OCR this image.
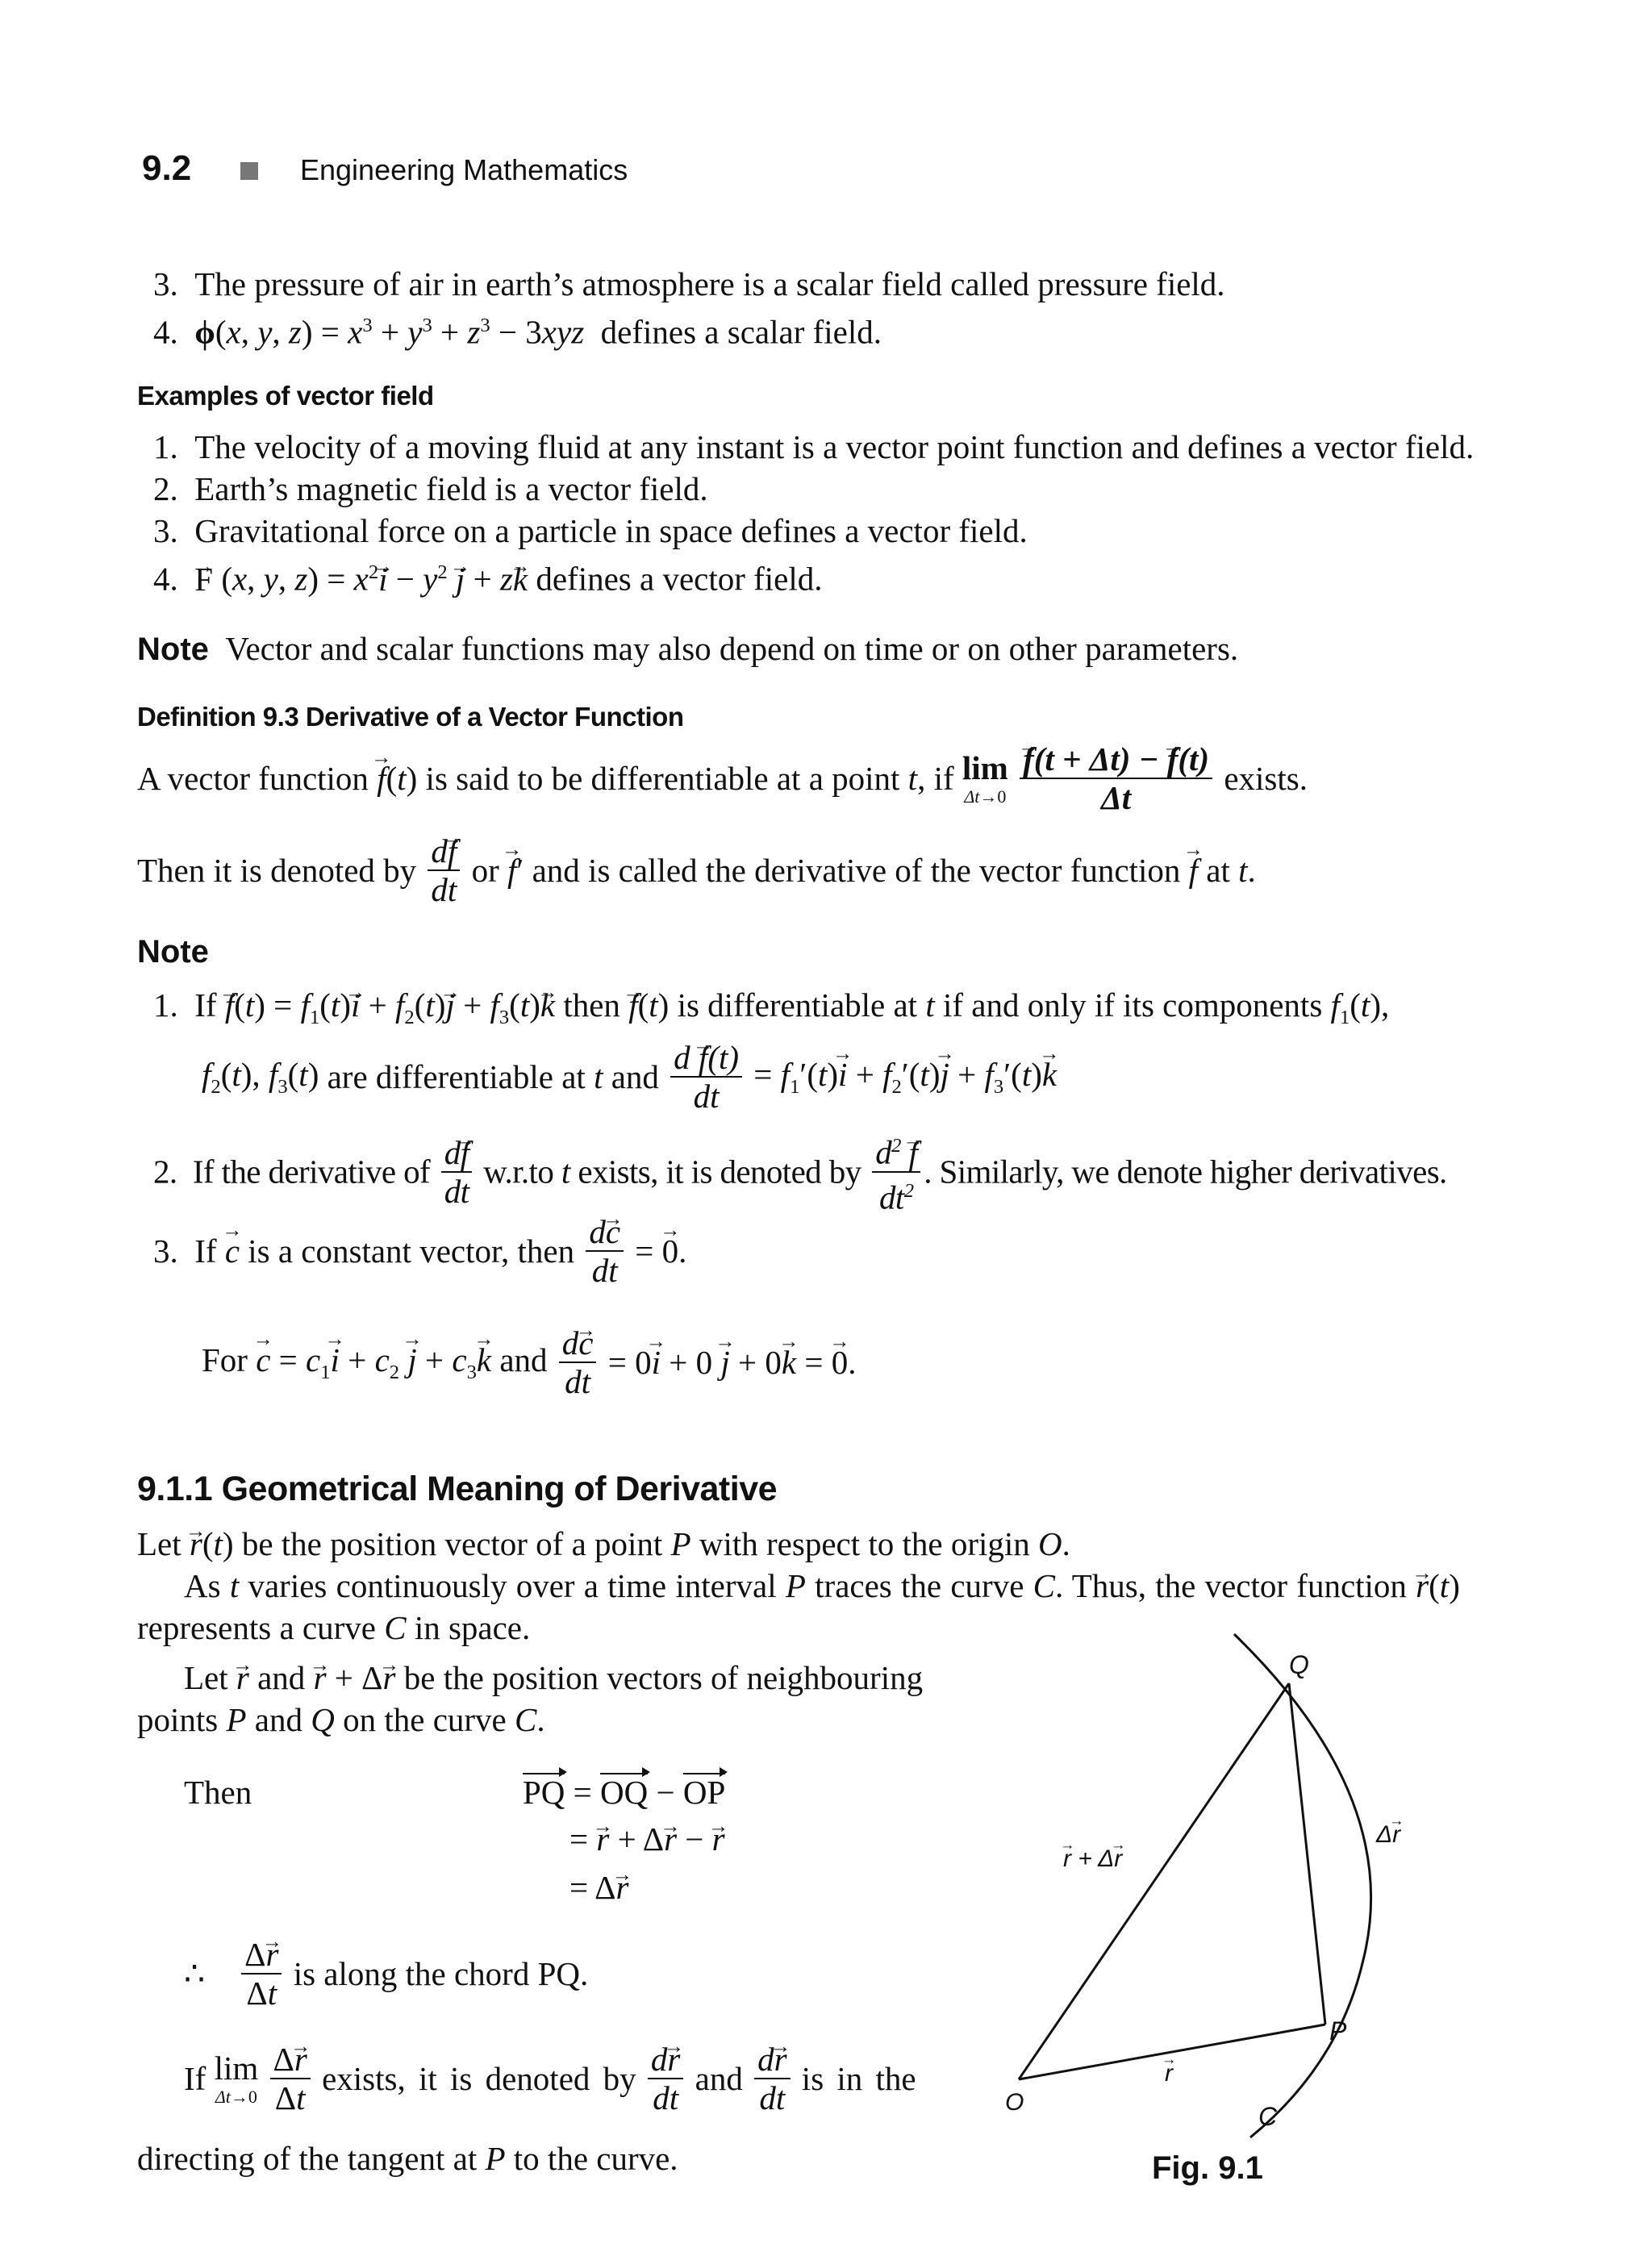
9.2	Engineering Mathematics
3.  The pressure of air in earth’s atmosphere is a scalar field called pressure field.
4.  ϕ(x, y, $z) = x^3 + y^3 + z^3 - 3xyz$ defines a scalar field.
Examples of vector field
1.  The velocity of a moving fluid at any instant is a vector point function and defines a vector field.
2.  Earth’s magnetic field is a vector field.
3.  Gravitational force on a particle in space defines a vector field.
4.  → F (x, y, $z) = x^2\to i - y^2 \to j + z\to k$ defines a vector field.
Note Vector and scalar functions may also depend on time or on other parameters.
Definition 9.3 Derivative of a Vector Function
A vector function → f(t) is said to be differentiable at a point t, if lim
Δt→0
→ $\frac{f(t + \Delta t) - \to f(t)}{\Delta t}$ exists.
Then it is denoted by $\frac{d\to f}{dt}$ or → f′ and is called the derivative of the vector function → f at t.
Note
1.  $If \to f(t) = f_1(t)\to i + f_2(t)\to j + f_3(t)\to k$ then → f(t) is differentiable at t if and only if its components $f_1(t)$,
$f_2(t)$, $f_3(t)$ are differentiable at t and $\frac{d \to f(t)}{dt} = f_1'(t)\to i + f_2'(t)\to j + f_3'(t)\to k$
2.  If the derivative of $\frac{d\to f}{dt} w.r.to$ t exists, it is denoted by $\frac{d^2 \to f}{dt^2}$ . Similarly, we denote higher derivatives.
3.  If → c is a constant vector, then $\frac{d\to c}{dt}$ = → 0.
For → $c = c_1\to i + c_2 \to j + c_3\to k$ and $\frac{d\to c}{dt} = 0\to i + 0 \to j + 0\to k$ = → 0.
9.1.1 Geometrical Meaning of Derivative
Let → r(t) be the position vector of a point P with respect to the origin O.
As t varies continuously over a time interval P traces the curve C. Thus, the vector function → r(t)
represents a curve C in space.
Let → r and → r + Δ→ r be the position vectors of neighbouring
points P and Q on the curve C.
Then	PQ = OQ − OP
= → r + Δ→ r − → r
= Δ→ r
∴ $\frac{\Delta\to r}{\Delta t}$ is along the chord PQ.
If lim
Δt→0
$\frac{\Delta\to r}{\Delta t}$ exists, it is denoted by $\frac{d\to r}{dt}$ and $\frac{d\to r}{dt}$ is in the
directing of the tangent at P to the curve.
O
P
Q
C
→ r
→ r + Δ→ r
Δ→ r
Fig. 9.1
